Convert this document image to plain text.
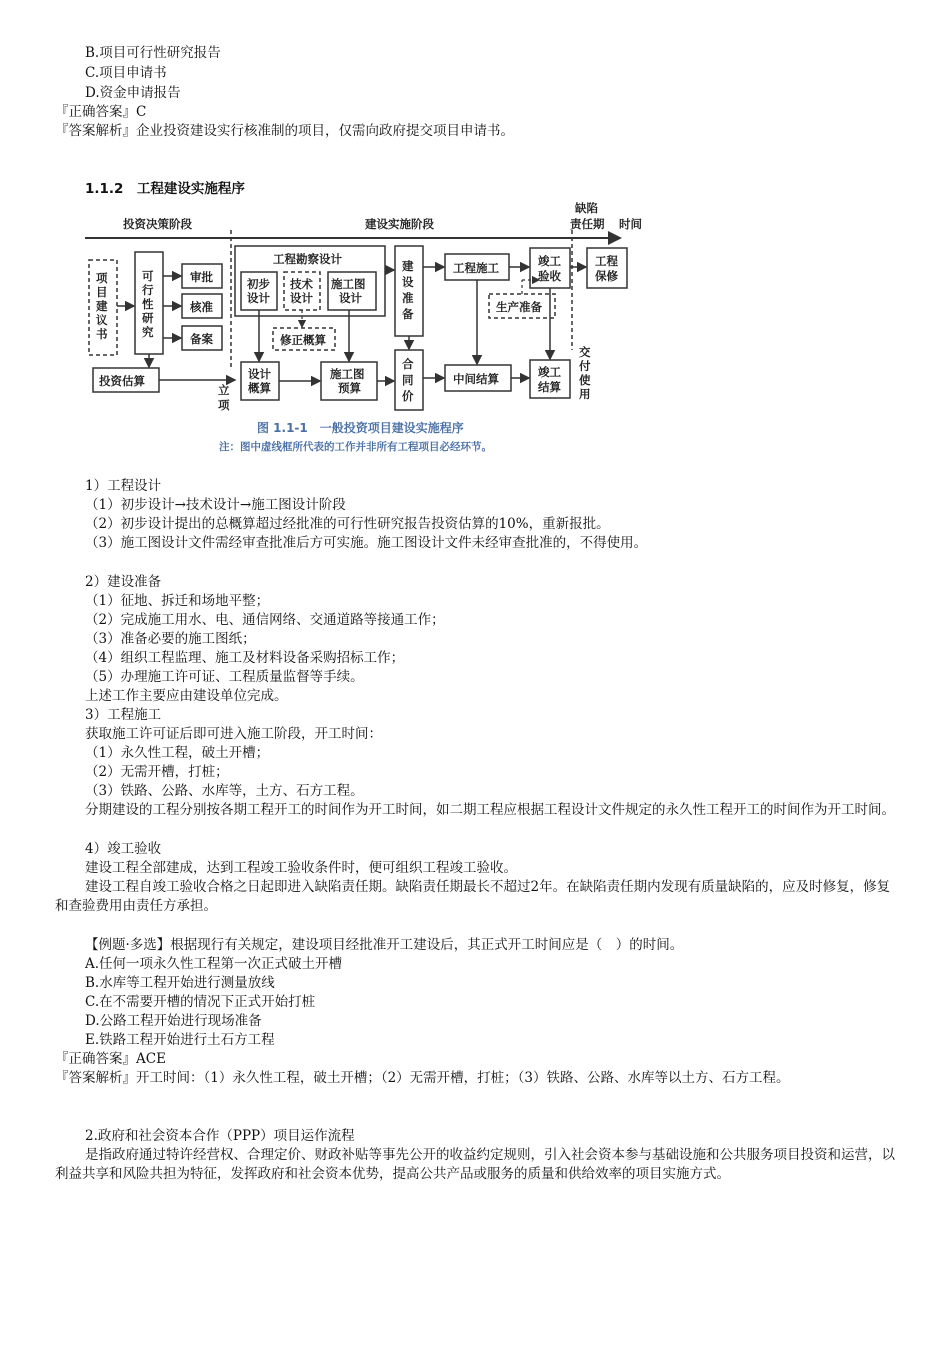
B.项目可行性研究报告
C.项目申请书
D.资金申请报告
『正确答案』C
『答案解析』企业投资建设实行核准制的项目，仅需向政府提交项目申请书。
1.1.2　工程建设实施程序
投资决策阶段	建设实施阶段
缺陷
责任期 时间
立
项
交
付
使
用
项
目
建
议
书
可
行
性
研
究
审批
核准
备案
投资估算
工程勘察设计
初步
设计
技术
设计
施工图
设计
修正概算
设计
概算
施工图
预算
建
设
准
备
合
同
价
工程施工
生产准备
中间结算
竣工
验收
竣工
结算
工程
保修
图 1.1-1　一般投资项目建设实施程序
注：图中虚线框所代表的工作并非所有工程项目必经环节。
1）工程设计
（1）初步设计→技术设计→施工图设计阶段
（2）初步设计提出的总概算超过经批准的可行性研究报告投资估算的10%，重新报批。
（3）施工图设计文件需经审查批准后方可实施。施工图设计文件未经审查批准的，不得使用。
2）建设准备
（1）征地、拆迁和场地平整；
（2）完成施工用水、电、通信网络、交通道路等接通工作；
（3）准备必要的施工图纸；
（4）组织工程监理、施工及材料设备采购招标工作；
（5）办理施工许可证、工程质量监督等手续。
上述工作主要应由建设单位完成。
3）工程施工
获取施工许可证后即可进入施工阶段，开工时间：
（1）永久性工程，破土开槽；
（2）无需开槽，打桩；
（3）铁路、公路、水库等，土方、石方工程。
分期建设的工程分别按各期工程开工的时间作为开工时间，如二期工程应根据工程设计文件规定的永久性工程开工的时间作为开工时间。
4）竣工验收
建设工程全部建成，达到工程竣工验收条件时，便可组织工程竣工验收。
建设工程自竣工验收合格之日起即进入缺陷责任期。缺陷责任期最长不超过2年。在缺陷责任期内发现有质量缺陷的，应及时修复，修复和查验费用由责任方承担。
【例题·多选】根据现行有关规定，建设项目经批准开工建设后，其正式开工时间应是（　）的时间。
A.任何一项永久性工程第一次正式破土开槽
B.水库等工程开始进行测量放线
C.在不需要开槽的情况下正式开始打桩
D.公路工程开始进行现场准备
E.铁路工程开始进行土石方工程
『正确答案』ACE
『答案解析』开工时间：（1）永久性工程，破土开槽；（2）无需开槽，打桩；（3）铁路、公路、水库等以土方、石方工程。
2.政府和社会资本合作（PPP）项目运作流程
是指政府通过特许经营权、合理定价、财政补贴等事先公开的收益约定规则，引入社会资本参与基础设施和公共服务项目投资和运营，以利益共享和风险共担为特征，发挥政府和社会资本优势，提高公共产品或服务的质量和供给效率的项目实施方式。
